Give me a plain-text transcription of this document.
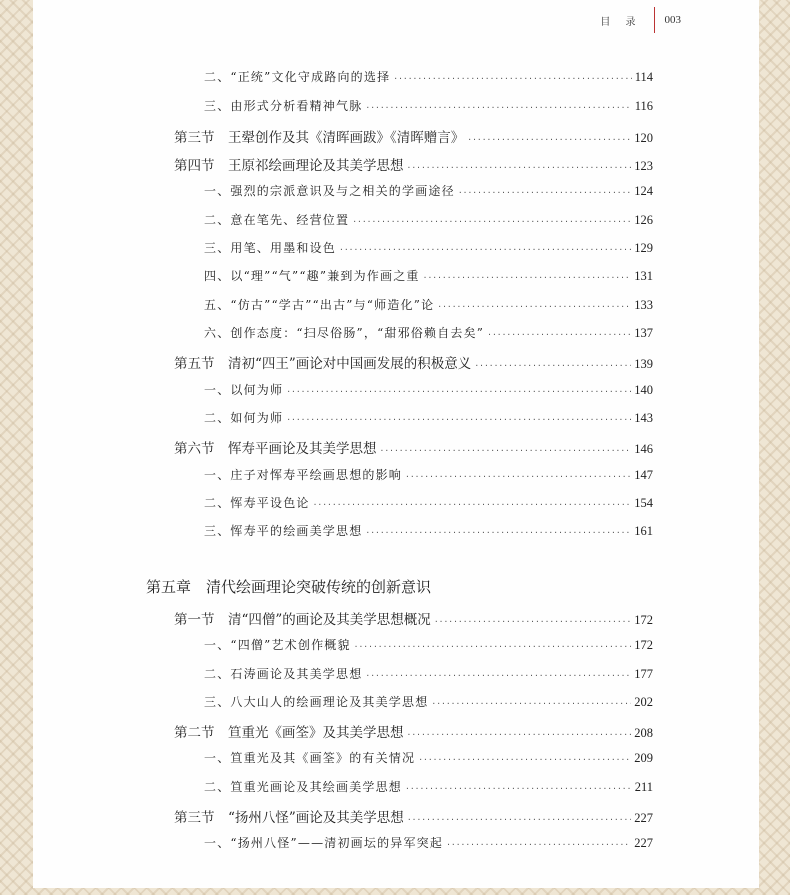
目 录 003
二、“正统”文化守成路向的选择 ·····	114
三、由形式分析看精神气脉 ·····	116
第三节　王翚创作及其《清晖画跋》《清晖赠言》 ·····	120
第四节　王原祁绘画理论及其美学思想 ·····	123
一、强烈的宗派意识及与之相关的学画途径 ·····	124
二、意在笔先、经营位置 ·····	126
三、用笔、用墨和设色 ·····	129
四、以“理”“气”“趣”兼到为作画之重 ·····	131
五、“仿古”“学古”“出古”与“师造化”论 ·····	133
六、创作态度：“扫尽俗肠”，“甜邪俗赖自去矣” ·····	137
第五节　清初“四王”画论对中国画发展的积极意义 ·····	139
一、以何为师 ·····	140
二、如何为师 ·····	143
第六节　恽寿平画论及其美学思想 ·····	146
一、庄子对恽寿平绘画思想的影响 ·····	147
二、恽寿平设色论 ·····	154
三、恽寿平的绘画美学思想 ·····	161
第五章　清代绘画理论突破传统的创新意识
第一节　清“四僧”的画论及其美学思想概况 ·····	172
一、“四僧”艺术创作概貌 ·····	172
二、石涛画论及其美学思想 ·····	177
三、八大山人的绘画理论及其美学思想 ·····	202
第二节　笪重光《画筌》及其美学思想 ·····	208
一、笪重光及其《画筌》的有关情况 ·····	209
二、笪重光画论及其绘画美学思想 ·····	211
第三节　“扬州八怪”画论及其美学思想 ·····	227
一、“扬州八怪”——清初画坛的异军突起 ·····	227
